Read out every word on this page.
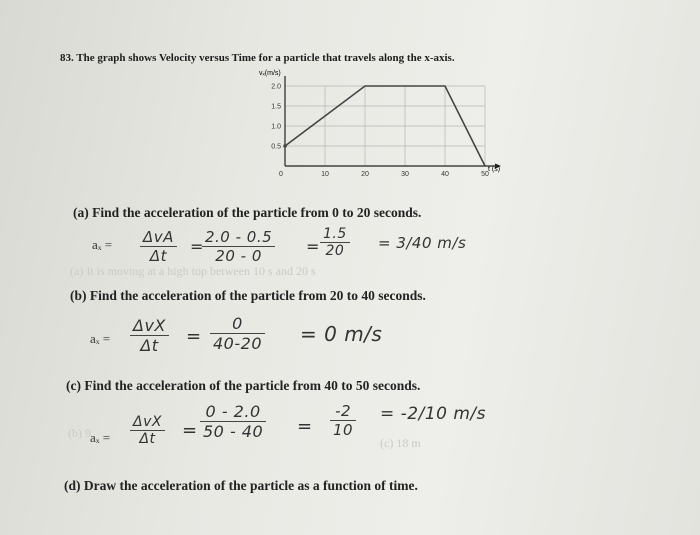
83. The graph shows Velocity versus Time for a particle that travels along the x-axis.
vₓ(m/s)
t (s)
2.0
1.5
1.0
0.5
0	10	20	30	40	50
(a) Find the acceleration of the particle from 0 to 20 seconds.
aₓ = ΔvA
Δt	=
$\frac{2.0 - 0.5}{20 - 0} = \frac{1.5}{20} = 3/40$ m/s
(a) It is moving at a high top between 10 s and 20 s
(b) Find the acceleration of the particle from 20 to 40 seconds.
aₓ =
ΔvX
Δt	= $\frac{0}{40-20} = 0$ m/s
(c) Find the acceleration of the particle from 40 to 50 seconds.
aₓ =
ΔvX
Δt	= $\frac{0 - 2.0}{50 - 40} = \frac{-2}{10} = -2/10$ m/s
(b) 9
(c) 18 m
(d) Draw the acceleration of the particle as a function of time.
